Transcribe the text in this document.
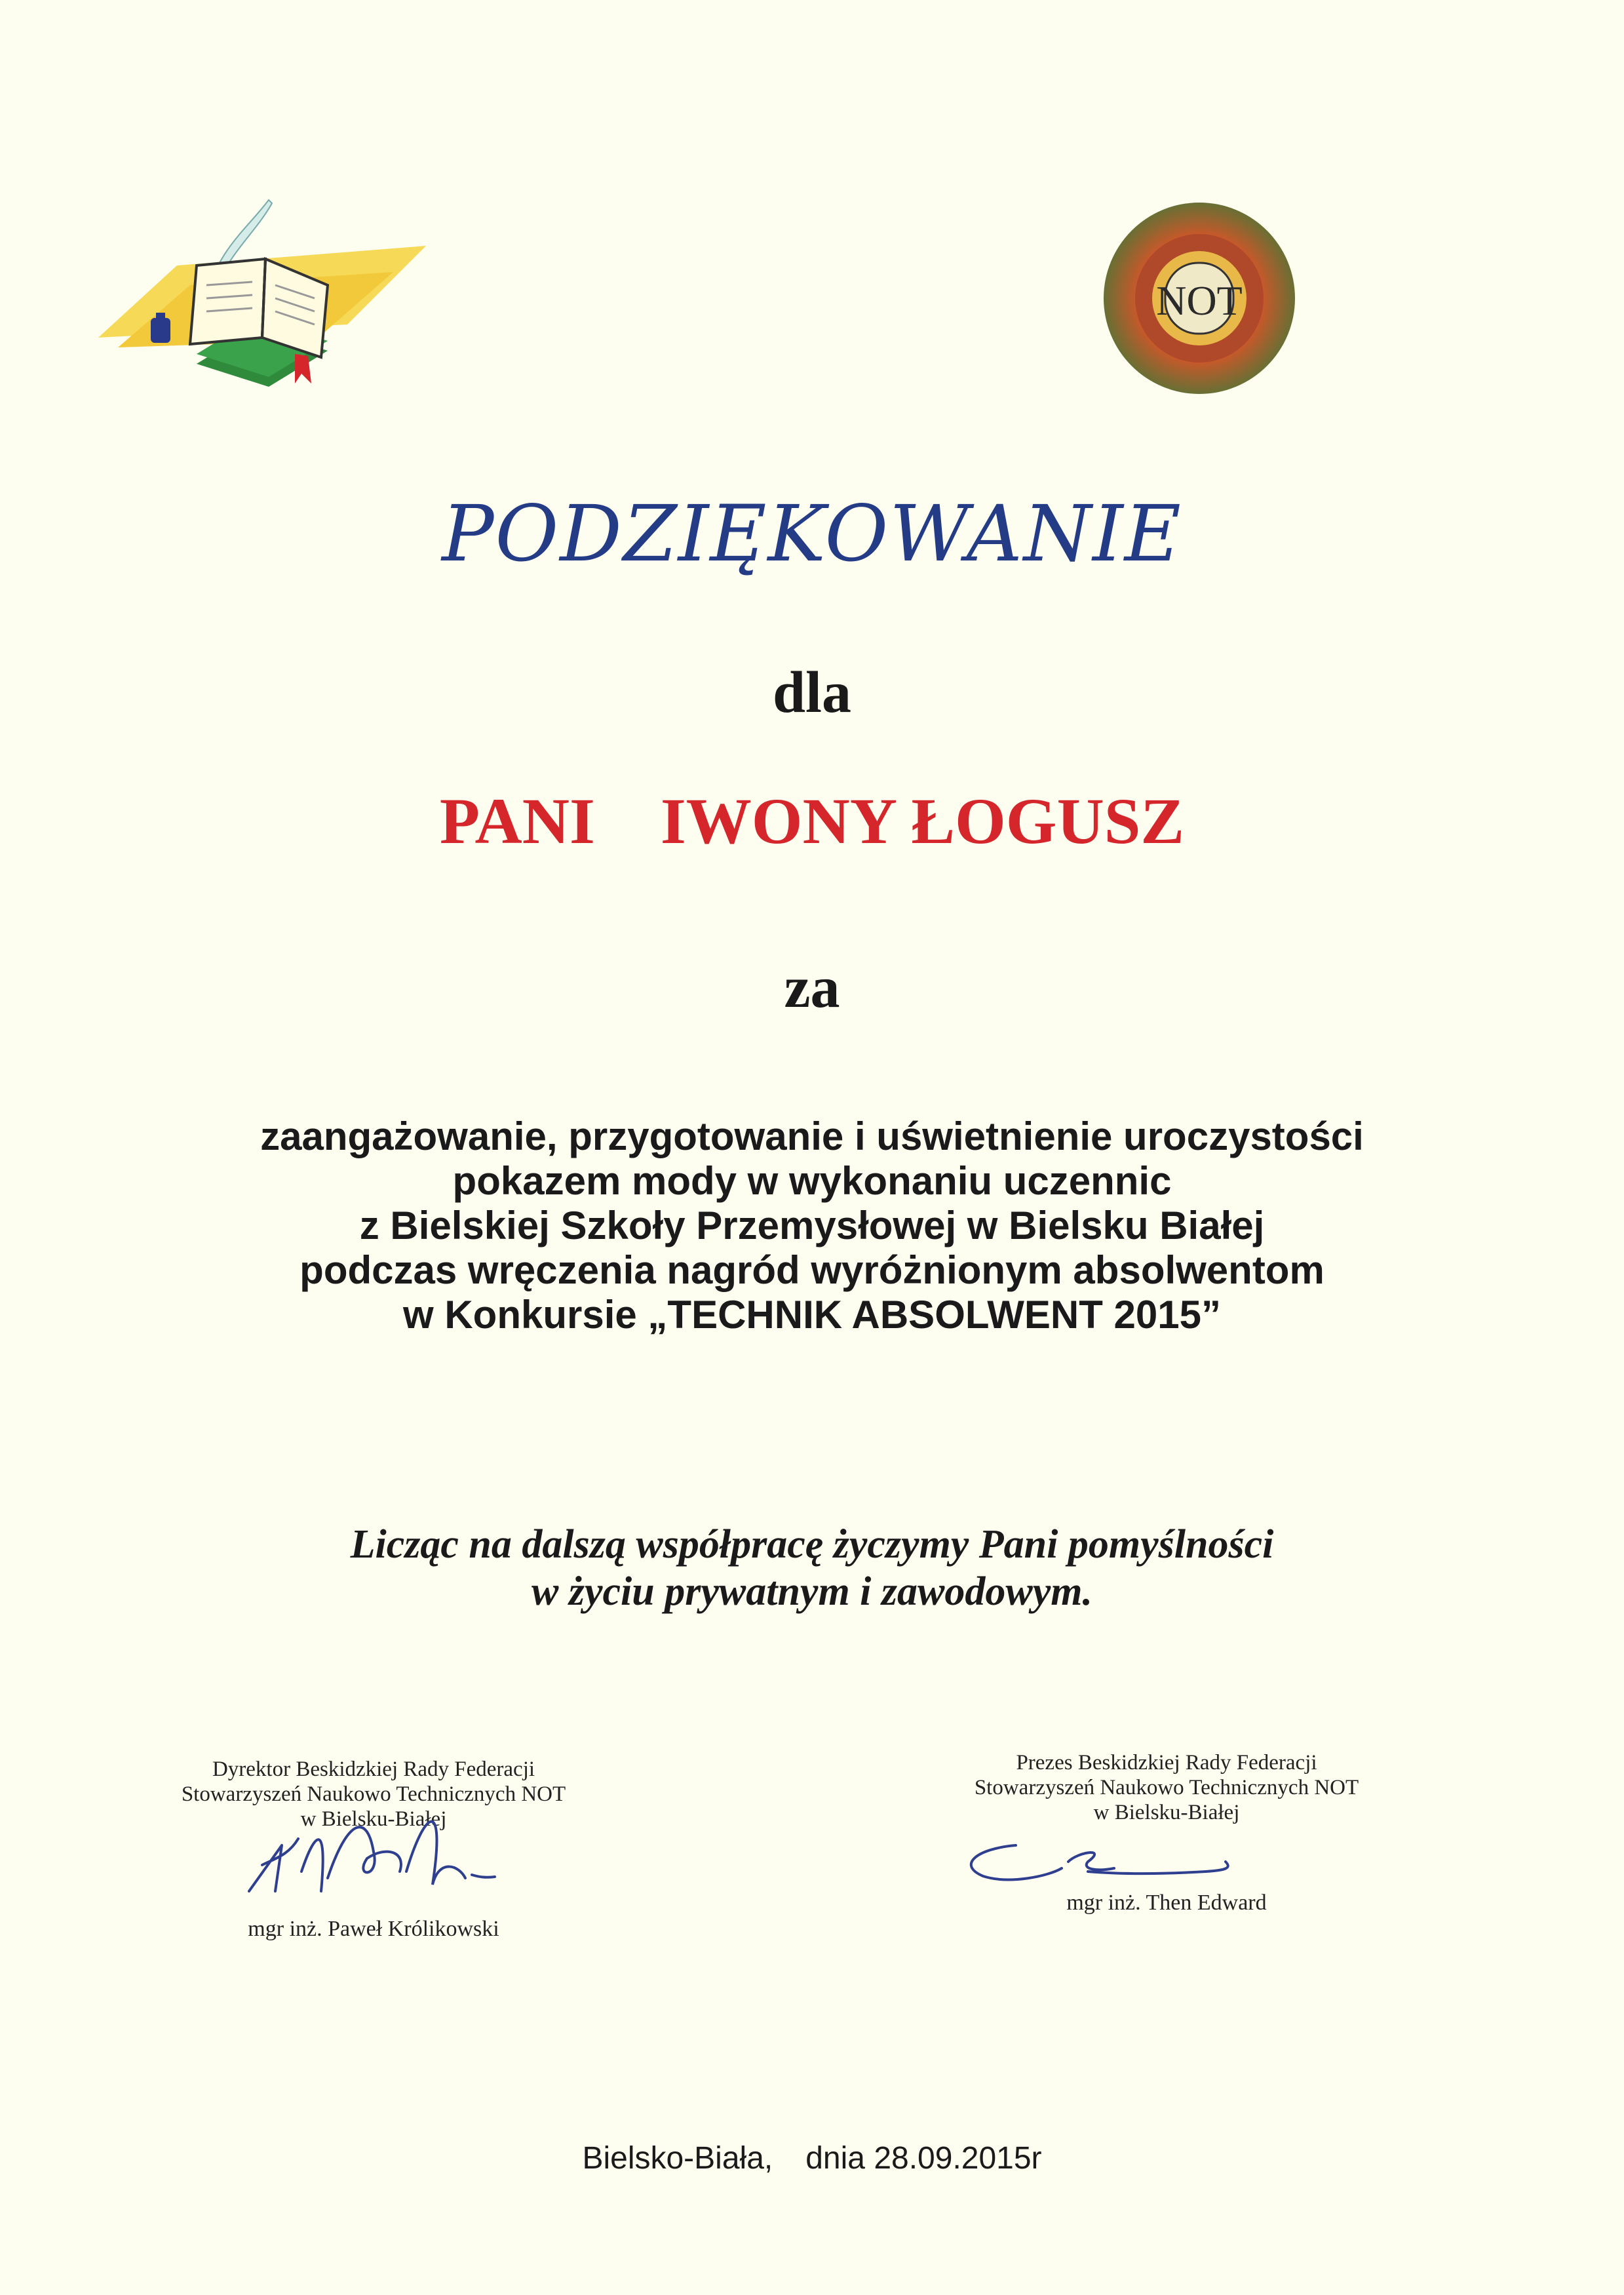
NOT
PODZIĘKOWANIE
dla
PANI IWONY ŁOGUSZ
za
zaangażowanie, przygotowanie i uświetnienie uroczystości
pokazem mody w wykonaniu uczennic
z Bielskiej Szkoły Przemysłowej w Bielsku Białej
podczas wręczenia nagród wyróżnionym absolwentom
w Konkursie „TECHNIK ABSOLWENT 2015”
Licząc na dalszą współpracę życzymy Pani pomyślności
w życiu prywatnym i zawodowym.
Dyrektor Beskidzkiej Rady Federacji
Stowarzyszeń Naukowo Technicznych NOT
w Bielsku-Białej
mgr inż. Paweł Królikowski
Prezes Beskidzkiej Rady Federacji
Stowarzyszeń Naukowo Technicznych NOT
w Bielsku-Białej
mgr inż. Then Edward
Bielsko-Biała, dnia 28.09.2015r
